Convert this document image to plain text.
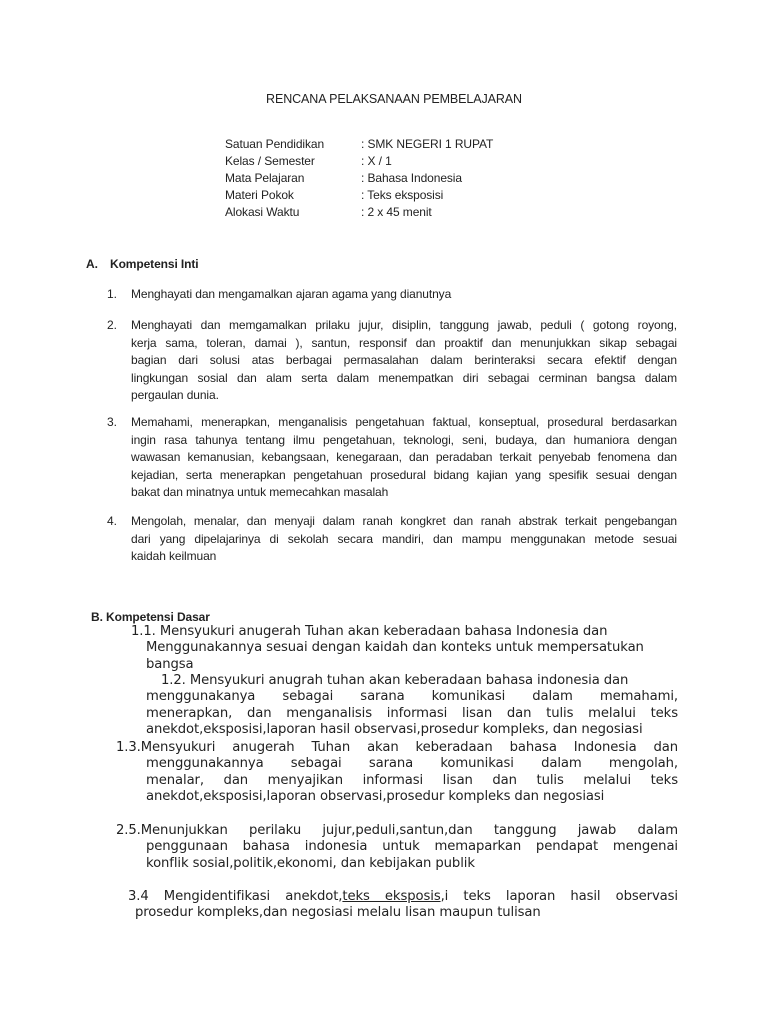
RENCANA PELAKSANAAN PEMBELAJARAN
Satuan Pendidikan	: SMK NEGERI 1 RUPAT
Kelas / Semester	: X / 1
Mata Pelajaran	: Bahasa Indonesia
Materi Pokok	: Teks eksposisi
Alokasi Waktu	: 2 x 45 menit
A. Kompetensi Inti
1. Menghayati dan mengamalkan ajaran agama yang dianutnya
2. Menghayati dan memgamalkan prilaku jujur, disiplin, tanggung jawab, peduli ( gotong royong,
kerja sama, toleran, damai ), santun, responsif dan proaktif dan menunjukkan sikap sebagai
bagian dari solusi atas berbagai permasalahan dalam berinteraksi secara efektif dengan
lingkungan sosial dan alam serta dalam menempatkan diri sebagai cerminan bangsa dalam
pergaulan dunia.
3. Memahami, menerapkan, menganalisis pengetahuan faktual, konseptual, prosedural berdasarkan
ingin rasa tahunya tentang ilmu pengetahuan, teknologi, seni, budaya, dan humaniora dengan
wawasan kemanusian, kebangsaan, kenegaraan, dan peradaban terkait penyebab fenomena dan
kejadian, serta menerapkan pengetahuan prosedural bidang kajian yang spesifik sesuai dengan
bakat dan minatnya untuk memecahkan masalah
4. Mengolah, menalar, dan menyaji dalam ranah kongkret dan ranah abstrak terkait pengebangan
dari yang dipelajarinya di sekolah secara mandiri, dan mampu menggunakan metode sesuai
kaidah keilmuan
B. Kompetensi Dasar
1.1. Mensyukuri anugerah Tuhan akan keberadaan bahasa Indonesia dan
Menggunakannya sesuai dengan kaidah dan konteks untuk mempersatukan
bangsa
1.2. Mensyukuri anugrah tuhan akan keberadaan bahasa indonesia dan
menggunakanya sebagai sarana komunikasi dalam memahami,
menerapkan, dan menganalisis informasi lisan dan tulis melalui teks
anekdot,eksposisi,laporan hasil observasi,prosedur kompleks, dan negosiasi
1.3.Mensyukuri anugerah Tuhan akan keberadaan bahasa Indonesia dan
menggunakannya sebagai sarana komunikasi dalam mengolah,
menalar, dan menyajikan informasi lisan dan tulis melalui teks
anekdot,eksposisi,laporan observasi,prosedur kompleks dan negosiasi
2.5.Menunjukkan perilaku jujur,peduli,santun,dan tanggung jawab dalam
penggunaan bahasa indonesia untuk memaparkan pendapat mengenai
konflik sosial,politik,ekonomi, dan kebijakan publik
3.4 Mengidentifikasi anekdot,teks eksposis,i teks laporan hasil observasi
prosedur kompleks,dan negosiasi melalu lisan maupun tulisan
